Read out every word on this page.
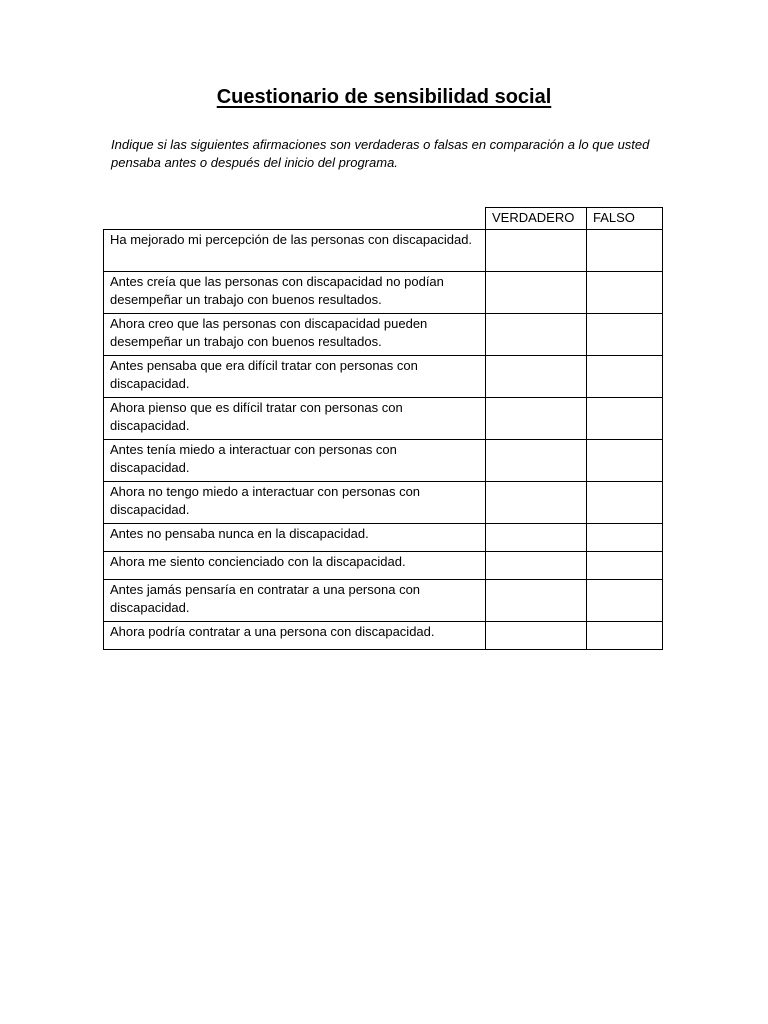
Cuestionario de sensibilidad social
Indique si las siguientes afirmaciones son verdaderas o falsas en comparación a lo que usted pensaba antes o después del inicio del programa.
	VERDADERO	FALSO
Ha mejorado mi percepción de las personas con discapacidad.		
Antes creía que las personas con discapacidad no podían desempeñar un trabajo con buenos resultados.		
Ahora creo que las personas con discapacidad pueden desempeñar un trabajo con buenos resultados.		
Antes pensaba que era difícil tratar con personas con discapacidad.		
Ahora pienso que es difícil tratar con personas con discapacidad.		
Antes tenía miedo a interactuar con personas con discapacidad.		
Ahora no tengo miedo a interactuar con personas con discapacidad.		
Antes no pensaba nunca en la discapacidad.		
Ahora me siento concienciado con la discapacidad.		
Antes jamás pensaría en contratar a una persona con discapacidad.		
Ahora podría contratar a una persona con discapacidad.		
